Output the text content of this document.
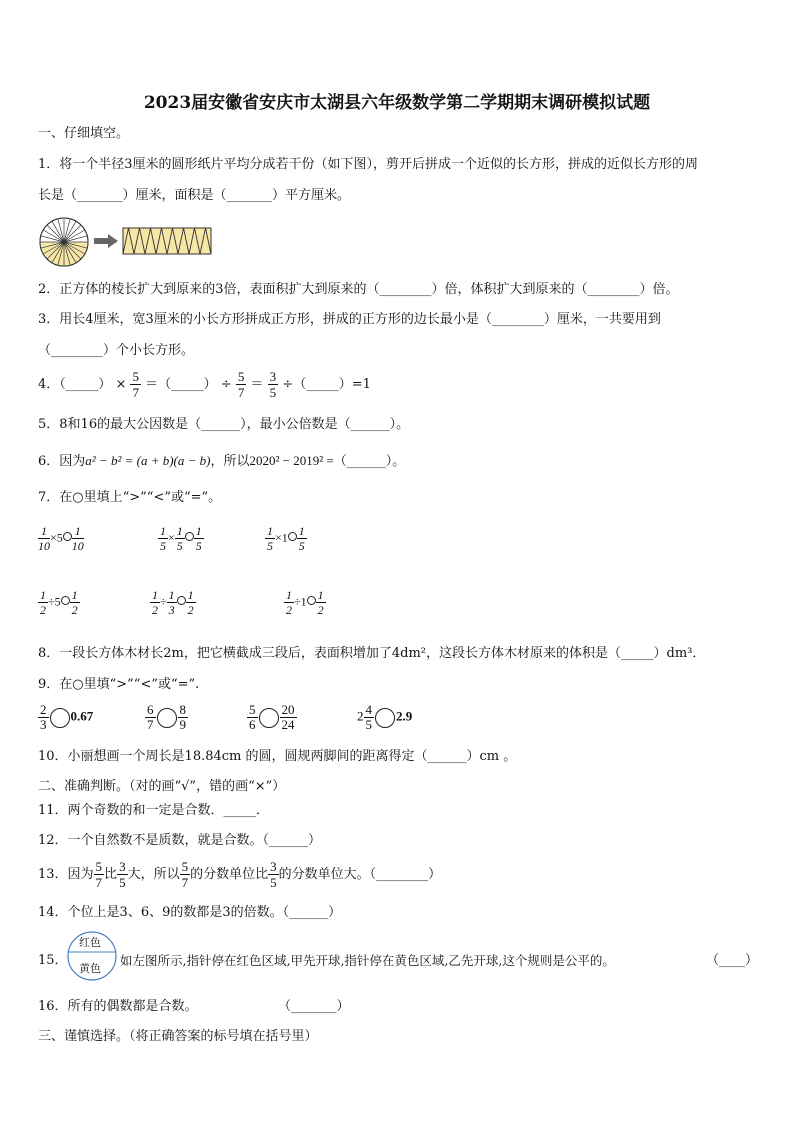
2023届安徽省安庆市太湖县六年级数学第二学期期末调研模拟试题
一、仔细填空。
1．将一个半径3厘米的圆形纸片平均分成若干份（如下图），剪开后拼成一个近似的长方形，拼成的近似长方形的周
长是（_______）厘米，面积是（_______）平方厘米。
2．正方体的棱长扩大到原来的3倍，表面积扩大到原来的（________）倍，体积扩大到原来的（________）倍。
3．用长4厘米，宽3厘米的小长方形拼成正方形，拼成的正方形的边长最小是（________）厘米，一共要用到
（________）个小长方形。
4．（_____） × $\frac{5}{7}$ ＝（_____） ÷ $\frac{5}{7} = \frac{3}{5}$ ÷（_____）=1
5．8和16的最大公因数是（______），最小公倍数是（______）。
6．因为a² − b² = (a + b)(a − b)，所以2020² − 2019² =（______）。
7．在○里填上“>”“<”或“=”。
$\frac{1}{10} \times 5 \frac{1}{10}$	$\frac{1}{5} \times \frac{1}{5} \frac{1}{5}$	$\frac{1}{5} \times 1 \frac{1}{5}$
$\frac{1}{2} \div 5 \frac{1}{2}$	$\frac{1}{2} \div \frac{1}{3} \frac{1}{2}$	$\frac{1}{2} \div 1 \frac{1}{2}$
8．一段长方体木材长2m，把它横截成三段后，表面积增加了4dm²，这段长方体木材原来的体积是（_____）dm³．
9．在○里填“>”“<”或“=”.
$\frac{2}{3} 0.67$	$\frac{6}{7} \frac{8}{9}$	$\frac{5}{6} \frac{20}{24}$	$2 \frac{4}{5} 2.9$
10．小丽想画一个周长是18.84cm 的圆，圆规两脚间的距离得定（______）cm 。
二、准确判断。（对的画“√”，错的画“×”）
11．两个奇数的和一定是合数．_____．
12．一个自然数不是质数，就是合数。（______）
13．因为 $\frac{5}{7}$ 比 $\frac{3}{5}$ 大，所以 $\frac{5}{7}$ 的分数单位比 $\frac{3}{5}$ 的分数单位大。（________）
14．个位上是3、6、9的数都是3的倍数。（______）
15．
红色
黄色
如左图所示,指针停在红色区域,甲先开球,指针停在黄色区域,乙先开球,这个规则是公平的。	（____）
16．所有的偶数都是合数。	（_______）
三、谨慎选择。（将正确答案的标号填在括号里）
